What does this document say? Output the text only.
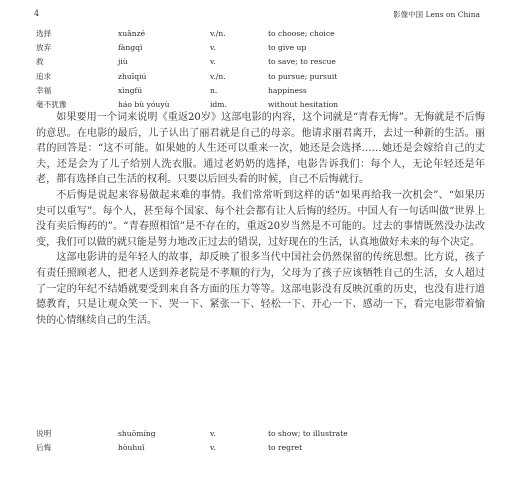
4	影像中国 Lens on China
选择	xuǎnzé	v./n.	to choose; choice
放弃	fàngqì	v.	to give up
救	jiù	v.	to save; to rescue
追求	zhuīqiú	v./n.	to pursue; pursuit
幸福	xìngfú	n.	happiness
毫不犹豫	háo bù yóuyù	idm.	without hesitation

如果要用一个词来说明《重返20岁》这部电影的内容，这个词就是“青春无悔”。无悔就是不后悔的意思。在电影的最后，儿子认出了丽君就是自己的母亲。他请求丽君离开，去过一种新的生活。丽君的回答是：“这不可能。如果她的人生还可以重来一次，她还是会选择……她还是会嫁给自己的丈夫，还是会为了儿子给别人洗衣服。通过老奶奶的选择，电影告诉我们：每个人，无论年轻还是年老，都有选择自己生活的权利。只要以后回头看的时候，自己不后悔就行。

不后悔是说起来容易做起来难的事情。我们常常听到这样的话“如果再给我一次机会”、“如果历史可以重写”。每个人，甚至每个国家、每个社会都有让人后悔的经历。中国人有一句话叫做“世界上没有卖后悔药的”。“青春照相馆”是不存在的，重返20岁当然是不可能的。过去的事情既然没办法改变，我们可以做的就只能是努力地改正过去的错误，过好现在的生活，认真地做好未来的每个决定。

这部电影讲的是年轻人的故事，却反映了很多当代中国社会仍然保留的传统思想。比方说，孩子有责任照顾老人，把老人送到养老院是不孝顺的行为，父母为了孩子应该牺牲自己的生活，女人超过了一定的年纪不结婚就要受到来自各方面的压力等等。这部电影没有反映沉重的历史，也没有进行道德教育，只是让观众笑一下、哭一下、紧张一下、轻松一下、开心一下、感动一下，看完电影带着愉快的心情继续自己的生活。

说明	shuōmíng	v.	to show; to illustrate
后悔	hòuhuǐ	v.	to regret
